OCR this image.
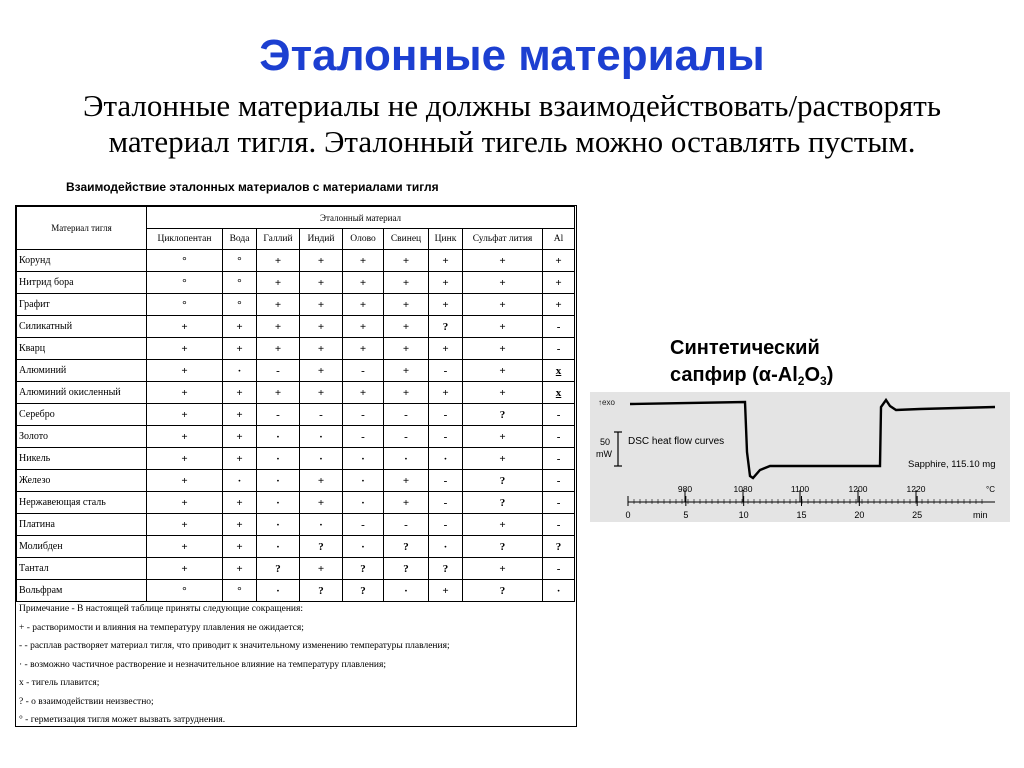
Эталонные материалы
Эталонные материалы не должны взаимодействовать/растворять
материал тигля. Эталонный тигель можно оставлять пустым.

Взаимодействие эталонных материалов с материалами тигля

Материал тигля	Эталонный материал								
	Циклопентан	Вода	Галлий	Индий	Олово	Свинец	Цинк	Сульфат лития	Al
Корунд	°	°	+	+	+	+	+	+	+
Нитрид бора	°	°	+	+	+	+	+	+	+
Графит	°	°	+	+	+	+	+	+	+
Силикатный	+	+	+	+	+	+	?	+	-
Кварц	+	+	+	+	+	+	+	+	-
Алюминий	+	·	-	+	-	+	-	+	x
Алюминий окисленный	+	+	+	+	+	+	+	+	x
Серебро	+	+	-	-	-	-	-	?	-
Золото	+	+	·	·	-	-	-	+	-
Никель	+	+	·	·	·	·	·	+	-
Железо	+	·	·	+	·	+	-	?	-
Нержавеющая сталь	+	+	·	+	·	+	-	?	-
Платина	+	+	·	·	-	-	-	+	-
Молибден	+	+	·	?	·	?	·	?	?
Тантал	+	+	?	+	?	?	?	+	-
Вольфрам	°	°	·	?	?	·	+	?	·
Примечание - В настоящей таблице приняты следующие сокращения:
+ - растворимости и влияния на температуру плавления не ожидается;
- - расплав растворяет материал тигля, что приводит к значительному изменению температуры плавления;
· - возможно частичное растворение и незначительное влияние на температуру плавления;
x - тигель плавится;
? - о взаимодействии неизвестно;
° - герметизация тигля может вызвать затруднения.
Синтетический
сапфир $(\alpha-Al_2O_3)$
↑exo
50
mW
DSC heat flow curves
Sapphire, 115.10 mg
980	1080	1100	1200	1220
0	5	10	15	20	25
°C
min
